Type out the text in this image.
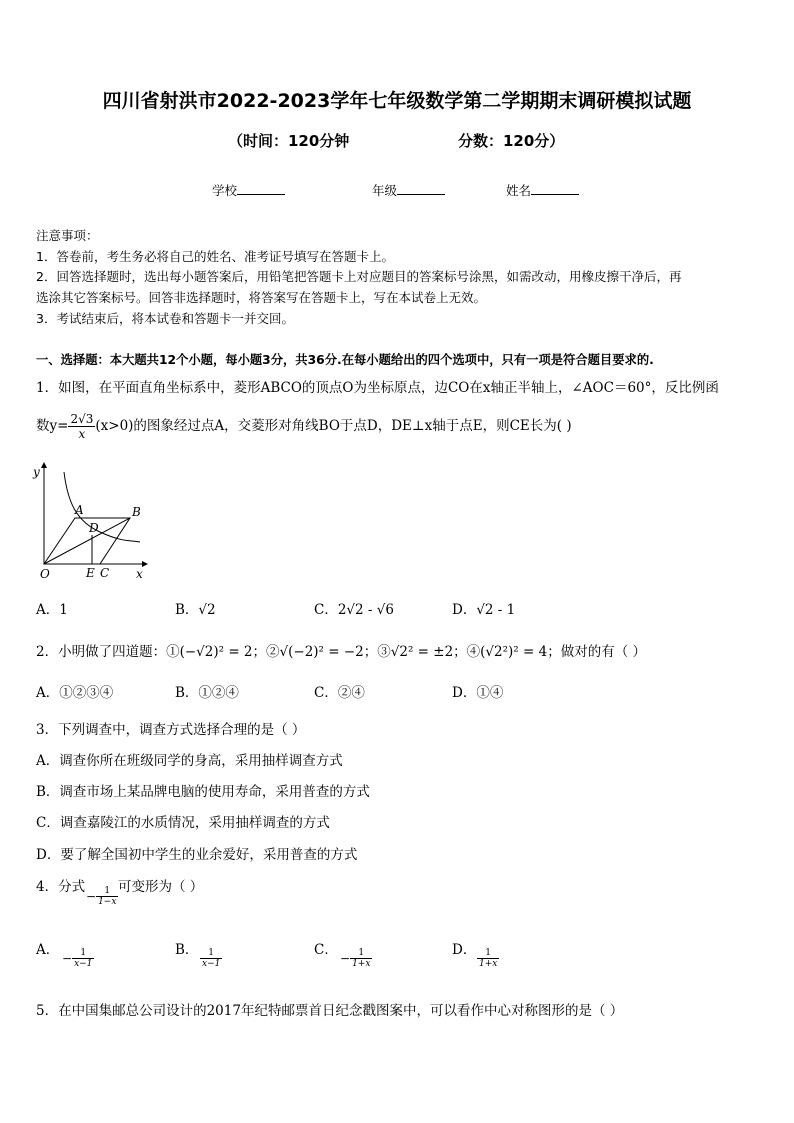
四川省射洪市2022-2023学年七年级数学第二学期期末调研模拟试题
（时间：120分钟	分数：120分）
学校	年级	姓名
注意事项：
1．答卷前，考生务必将自己的姓名、准考证号填写在答题卡上。
2．回答选择题时，选出每小题答案后，用铅笔把答题卡上对应题目的答案标号涂黑，如需改动，用橡皮擦干净后，再
选涂其它答案标号。回答非选择题时，将答案写在答题卡上，写在本试卷上无效。
3．考试结束后，将本试卷和答题卡一并交回。
一、选择题：本大题共12个小题，每小题3分，共36分.在每小题给出的四个选项中，只有一项是符合题目要求的.
1．如图，在平面直角坐标系中，菱形ABCO的顶点O为坐标原点，边CO在x轴正半轴上，∠AOC＝60°，反比例函
数$y= \frac{2√3}{x} (x>0)$的图象经过点A，交菱形对角线BO于点D，DE⊥x轴于点E，则CE长为( )
y
x
O
A	B
C
D
E
A．1	B．√2	C．2√2 - √6	D．√2 - 1
2．小明做了四道题：①(−√2)² = 2；②√(−2)² = −2；③√2² = ±2；④(√2²)² = 4；做对的有（ ）
A．①②③④	B．①②④	C．②④	D．①④
3．下列调查中，调查方式选择合理的是（ ）
A．调查你所在班级同学的身高，采用抽样调查方式
B．调查市场上某品牌电脑的使用寿命，采用普查的方式
C．调查嘉陵江的水质情况，采用抽样调查的方式
D．要了解全国初中学生的业余爱好，采用普查的方式
4．分式
− $\frac{1}{1-x}$ 可变形为（ ）
A．
− $\frac{1}{x-1}$	B． $\frac{1}{x-1}$	C．
− $\frac{1}{1+x}$	D． $\frac{1}{1+x}$
5．在中国集邮总公司设计的2017年纪特邮票首日纪念戳图案中，可以看作中心对称图形的是（ ）
